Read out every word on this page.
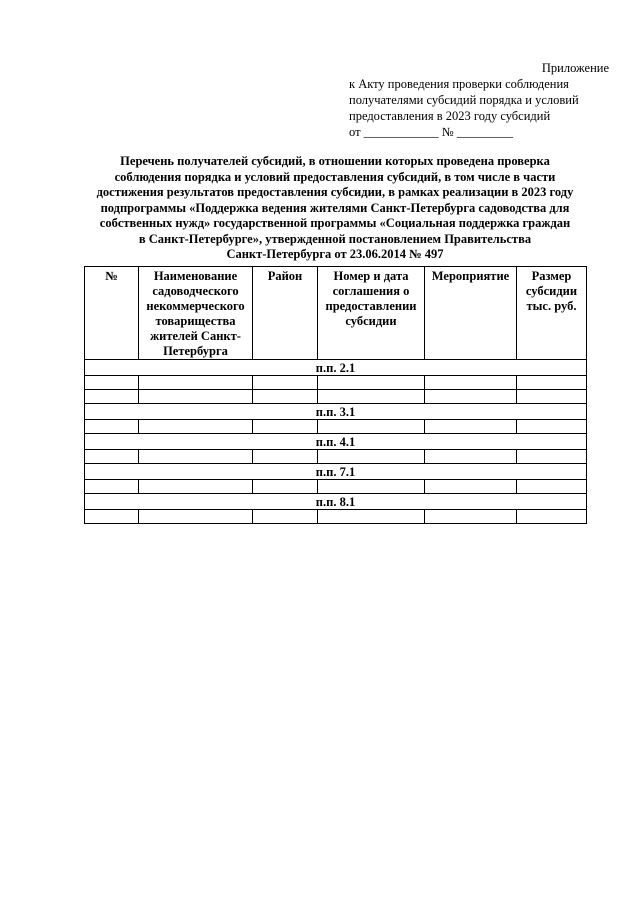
Приложение
к Акту проведения проверки соблюдения
получателями субсидий порядка и условий
предоставления в 2023 году субсидий
от ____________ № _________
Перечень получателей субсидий, в отношении которых проведена проверка
соблюдения порядка и условий предоставления субсидий, в том числе в части
достижения результатов предоставления субсидии, в рамках реализации в 2023 году
подпрограммы «Поддержка ведения жителями Санкт-Петербурга садоводства для
собственных нужд» государственной программы «Социальная поддержка граждан
в Санкт-Петербурге», утвержденной постановлением Правительства
Санкт-Петербурга от 23.06.2014 № 497
№	Наименование садоводческого некоммерческого товарищества жителей Санкт-Петербурга	Район	Номер и дата соглашения о предоставлении субсидии	Мероприятие	Размер субсидии тыс. руб.
п.п. 2.1					

п.п. 3.1					

п.п. 4.1					

п.п. 7.1					

п.п. 8.1					
